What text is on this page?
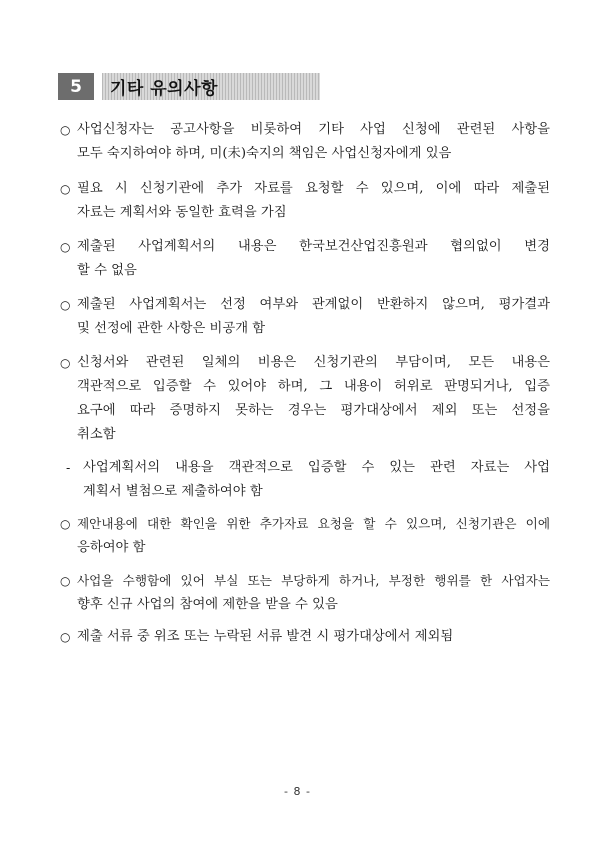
5	기타 유의사항
○ 사업신청자는 공고사항을 비롯하여 기타 사업 신청에 관련된 사항을
모두 숙지하여야 하며, 미(未)숙지의 책임은 사업신청자에게 있음
○ 필요 시 신청기관에 추가 자료를 요청할 수 있으며, 이에 따라 제출된
자료는 계획서와 동일한 효력을 가짐
○ 제출된 사업계획서의 내용은 한국보건산업진흥원과 협의없이 변경
할 수 없음
○ 제출된 사업계획서는 선정 여부와 관계없이 반환하지 않으며, 평가결과
및 선정에 관한 사항은 비공개 함
○ 신청서와 관련된 일체의 비용은 신청기관의 부담이며, 모든 내용은
객관적으로 입증할 수 있어야 하며, 그 내용이 허위로 판명되거나, 입증
요구에 따라 증명하지 못하는 경우는 평가대상에서 제외 또는 선정을
취소함
- 사업계획서의 내용을 객관적으로 입증할 수 있는 관련 자료는 사업
계획서 별첨으로 제출하여야 함
○ 제안내용에 대한 확인을 위한 추가자료 요청을 할 수 있으며, 신청기관은 이에
응하여야 함
○ 사업을 수행함에 있어 부실 또는 부당하게 하거나, 부정한 행위를 한 사업자는
향후 신규 사업의 참여에 제한을 받을 수 있음
○ 제출 서류 중 위조 또는 누락된 서류 발견 시 평가대상에서 제외됨
- 8 -
